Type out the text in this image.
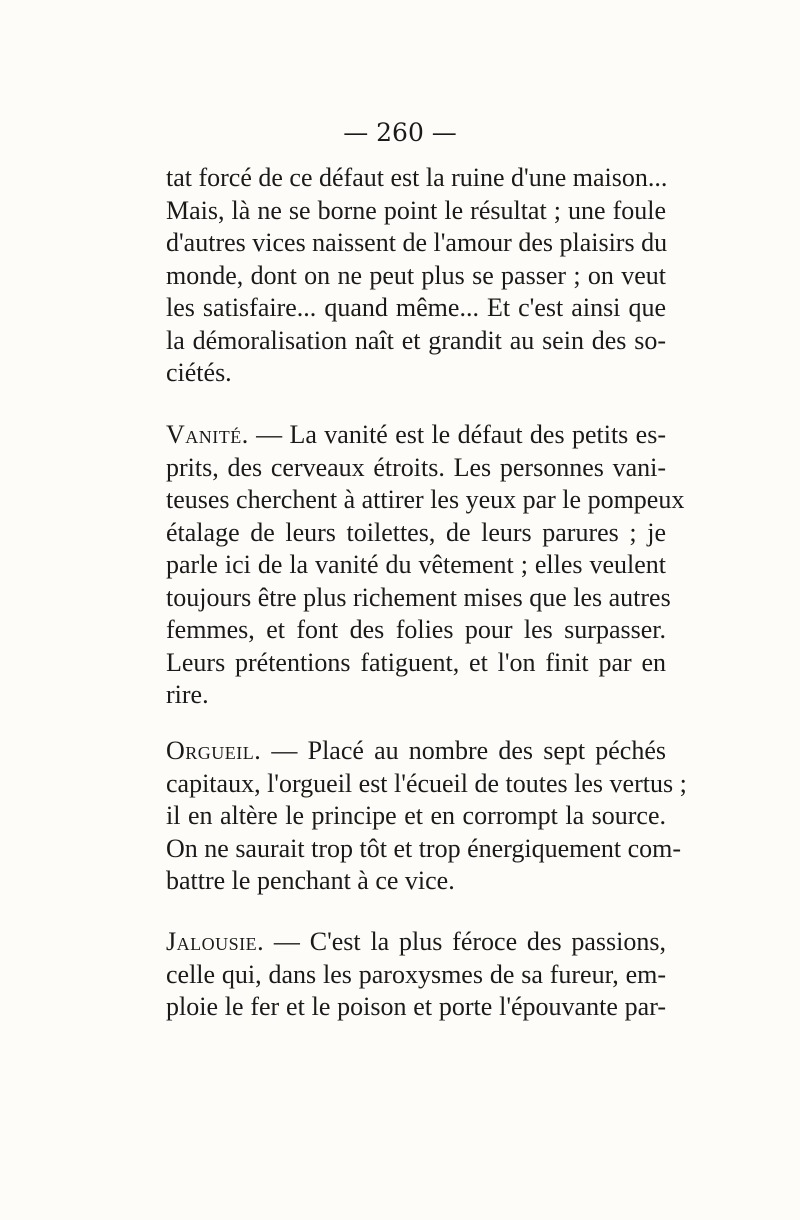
— 260 —
tat forcé de ce défaut est la ruine d'une maison...
Mais, là ne se borne point le résultat ; une foule
d'autres vices naissent de l'amour des plaisirs du
monde, dont on ne peut plus se passer ; on veut
les satisfaire... quand même... Et c'est ainsi que
la démoralisation naît et grandit au sein des so-
ciétés.
Vanité. — La vanité est le défaut des petits es-
prits, des cerveaux étroits. Les personnes vani-
teuses cherchent à attirer les yeux par le pompeux
étalage de leurs toilettes, de leurs parures ; je
parle ici de la vanité du vêtement ; elles veulent
toujours être plus richement mises que les autres
femmes, et font des folies pour les surpasser.
Leurs prétentions fatiguent, et l'on finit par en
rire.
Orgueil. — Placé au nombre des sept péchés
capitaux, l'orgueil est l'écueil de toutes les vertus ;
il en altère le principe et en corrompt la source.
On ne saurait trop tôt et trop énergiquement com-
battre le penchant à ce vice.
Jalousie. — C'est la plus féroce des passions,
celle qui, dans les paroxysmes de sa fureur, em-
ploie le fer et le poison et porte l'épouvante par-
